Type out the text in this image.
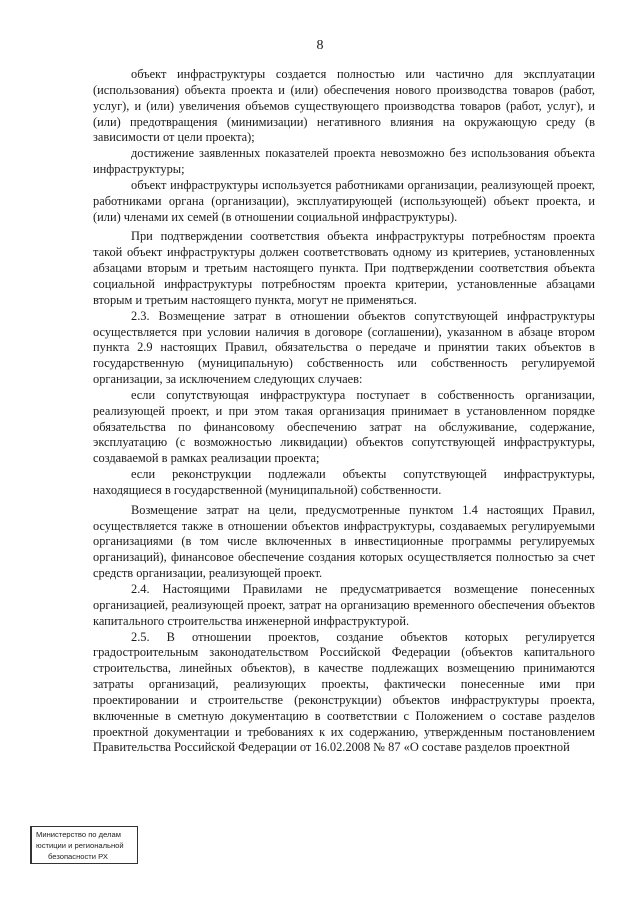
8

объект инфраструктуры создается полностью или частично для эксплуатации (использования) объекта проекта и (или) обеспечения нового производства товаров (работ, услуг), и (или) увеличения объемов существующего производства товаров (работ, услуг), и (или) предотвращения (минимизации) негативного влияния на окружающую среду (в зависимости от цели проекта);

достижение заявленных показателей проекта невозможно без использования объекта инфраструктуры;

объект инфраструктуры используется работниками организации, реализующей проект, работниками органа (организации), эксплуатирующей (использующей) объект проекта, и (или) членами их семей (в отношении социальной инфраструктуры).

При подтверждении соответствия объекта инфраструктуры потребностям проекта такой объект инфраструктуры должен соответствовать одному из критериев, установленных абзацами вторым и третьим настоящего пункта. При подтверждении соответствия объекта социальной инфраструктуры потребностям проекта критерии, установленные абзацами вторым и третьим настоящего пункта, могут не применяться.

2.3. Возмещение затрат в отношении объектов сопутствующей инфраструктуры осуществляется при условии наличия в договоре (соглашении), указанном в абзаце втором пункта 2.9 настоящих Правил, обязательства о передаче и принятии таких объектов в государственную (муниципальную) собственность или собственность регулируемой организации, за исключением следующих случаев:

если сопутствующая инфраструктура поступает в собственность организации, реализующей проект, и при этом такая организация принимает в установленном порядке обязательства по финансовому обеспечению затрат на обслуживание, содержание, эксплуатацию (с возможностью ликвидации) объектов сопутствующей инфраструктуры, создаваемой в рамках реализации проекта;

если реконструкции подлежали объекты сопутствующей инфраструктуры, находящиеся в государственной (муниципальной) собственности.

Возмещение затрат на цели, предусмотренные пунктом 1.4 настоящих Правил, осуществляется также в отношении объектов инфраструктуры, создаваемых регулируемыми организациями (в том числе включенных в инвестиционные программы регулируемых организаций), финансовое обеспечение создания которых осуществляется полностью за счет средств организации, реализующей проект.

2.4. Настоящими Правилами не предусматривается возмещение понесенных организацией, реализующей проект, затрат на организацию временного обеспечения объектов капитального строительства инженерной инфраструктурой.

2.5. В отношении проектов, создание объектов которых регулируется градостроительным законодательством Российской Федерации (объектов капитального строительства, линейных объектов), в качестве подлежащих возмещению принимаются затраты организаций, реализующих проекты, фактически понесенные ими при проектировании и строительстве (реконструкции) объектов инфраструктуры проекта, включенные в сметную документацию в соответствии с Положением о составе разделов проектной документации и требованиях к их содержанию, утвержденным постановлением Правительства Российской Федерации от 16.02.2008 № 87 «О составе разделов проектной

Министерство по делам
юстиции и региональной
безопасности РХ
